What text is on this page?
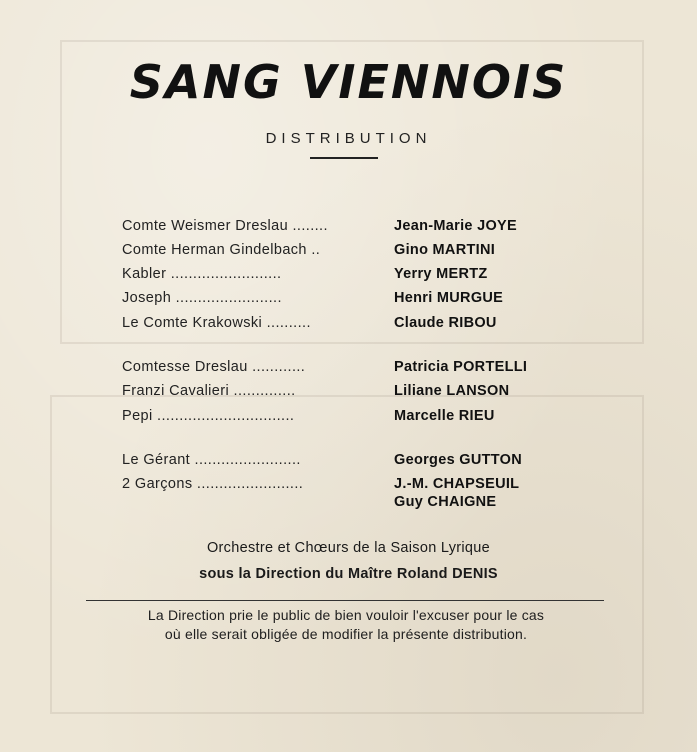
SANG VIENNOIS
DISTRIBUTION
Comte Weismer Dreslau ........	Jean-Marie JOYE
Comte Herman Gindelbach ..	Gino MARTINI
Kabler .........................	Yerry MERTZ
Joseph ........................	Henri MURGUE
Le Comte Krakowski ..........	Claude RIBOU
Comtesse Dreslau ............	Patricia PORTELLI
Franzi Cavalieri ..............	Liliane LANSON
Pepi ...............................	Marcelle RIEU
Le Gérant ........................	Georges GUTTON
2 Garçons ........................	J.-M. CHAPSEUIL
Guy CHAIGNE
Orchestre et Chœurs de la Saison Lyrique
sous la Direction du Maître Roland DENIS
La Direction prie le public de bien vouloir l'excuser pour le cas
où elle serait obligée de modifier la présente distribution.
